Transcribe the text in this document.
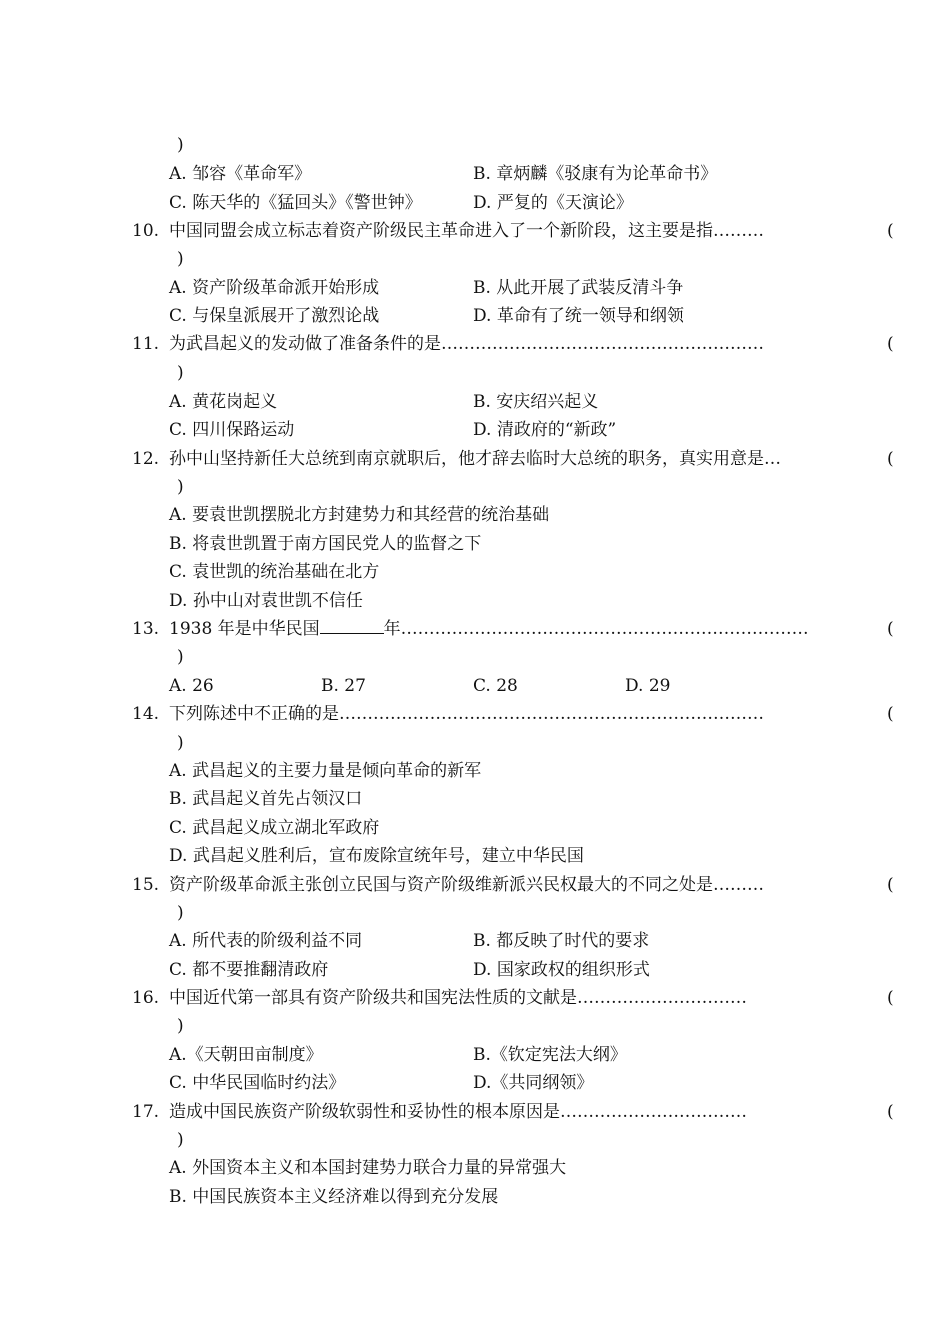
)
A. 邹容《革命军》	B. 章炳麟《驳康有为论革命书》
C. 陈天华的《猛回头》《警世钟》	D. 严复的《天演论》
10. 中国同盟会成立标志着资产阶级民主革命进入了一个新阶段，这主要是指………	(
)
A. 资产阶级革命派开始形成	B. 从此开展了武装反清斗争
C. 与保皇派展开了激烈论战	D. 革命有了统一领导和纲领
11. 为武昌起义的发动做了准备条件的是…………………………………………………	(
)
A. 黄花岗起义	B. 安庆绍兴起义
C. 四川保路运动	D. 清政府的“新政”
12. 孙中山坚持新任大总统到南京就职后，他才辞去临时大总统的职务，真实用意是…	(
)
A. 要袁世凯摆脱北方封建势力和其经营的统治基础
B. 将袁世凯置于南方国民党人的监督之下
C. 袁世凯的统治基础在北方
D. 孙中山对袁世凯不信任
13. 1938 年是中华民国	年………………………………………………………………	(
)
A. 26	B. 27	C. 28	D. 29
14. 下列陈述中不正确的是…………………………………………………………………	(
)
A. 武昌起义的主要力量是倾向革命的新军
B. 武昌起义首先占领汉口
C. 武昌起义成立湖北军政府
D. 武昌起义胜利后，宣布废除宣统年号，建立中华民国
15. 资产阶级革命派主张创立民国与资产阶级维新派兴民权最大的不同之处是………	(
)
A. 所代表的阶级利益不同	B. 都反映了时代的要求
C. 都不要推翻清政府	D. 国家政权的组织形式
16. 中国近代第一部具有资产阶级共和国宪法性质的文献是…………………………	(
)
A.《天朝田亩制度》	B.《钦定宪法大纲》
C. 中华民国临时约法》	D.《共同纲领》
17. 造成中国民族资产阶级软弱性和妥协性的根本原因是……………………………	(
)
A. 外国资本主义和本国封建势力联合力量的异常强大
B. 中国民族资本主义经济难以得到充分发展
